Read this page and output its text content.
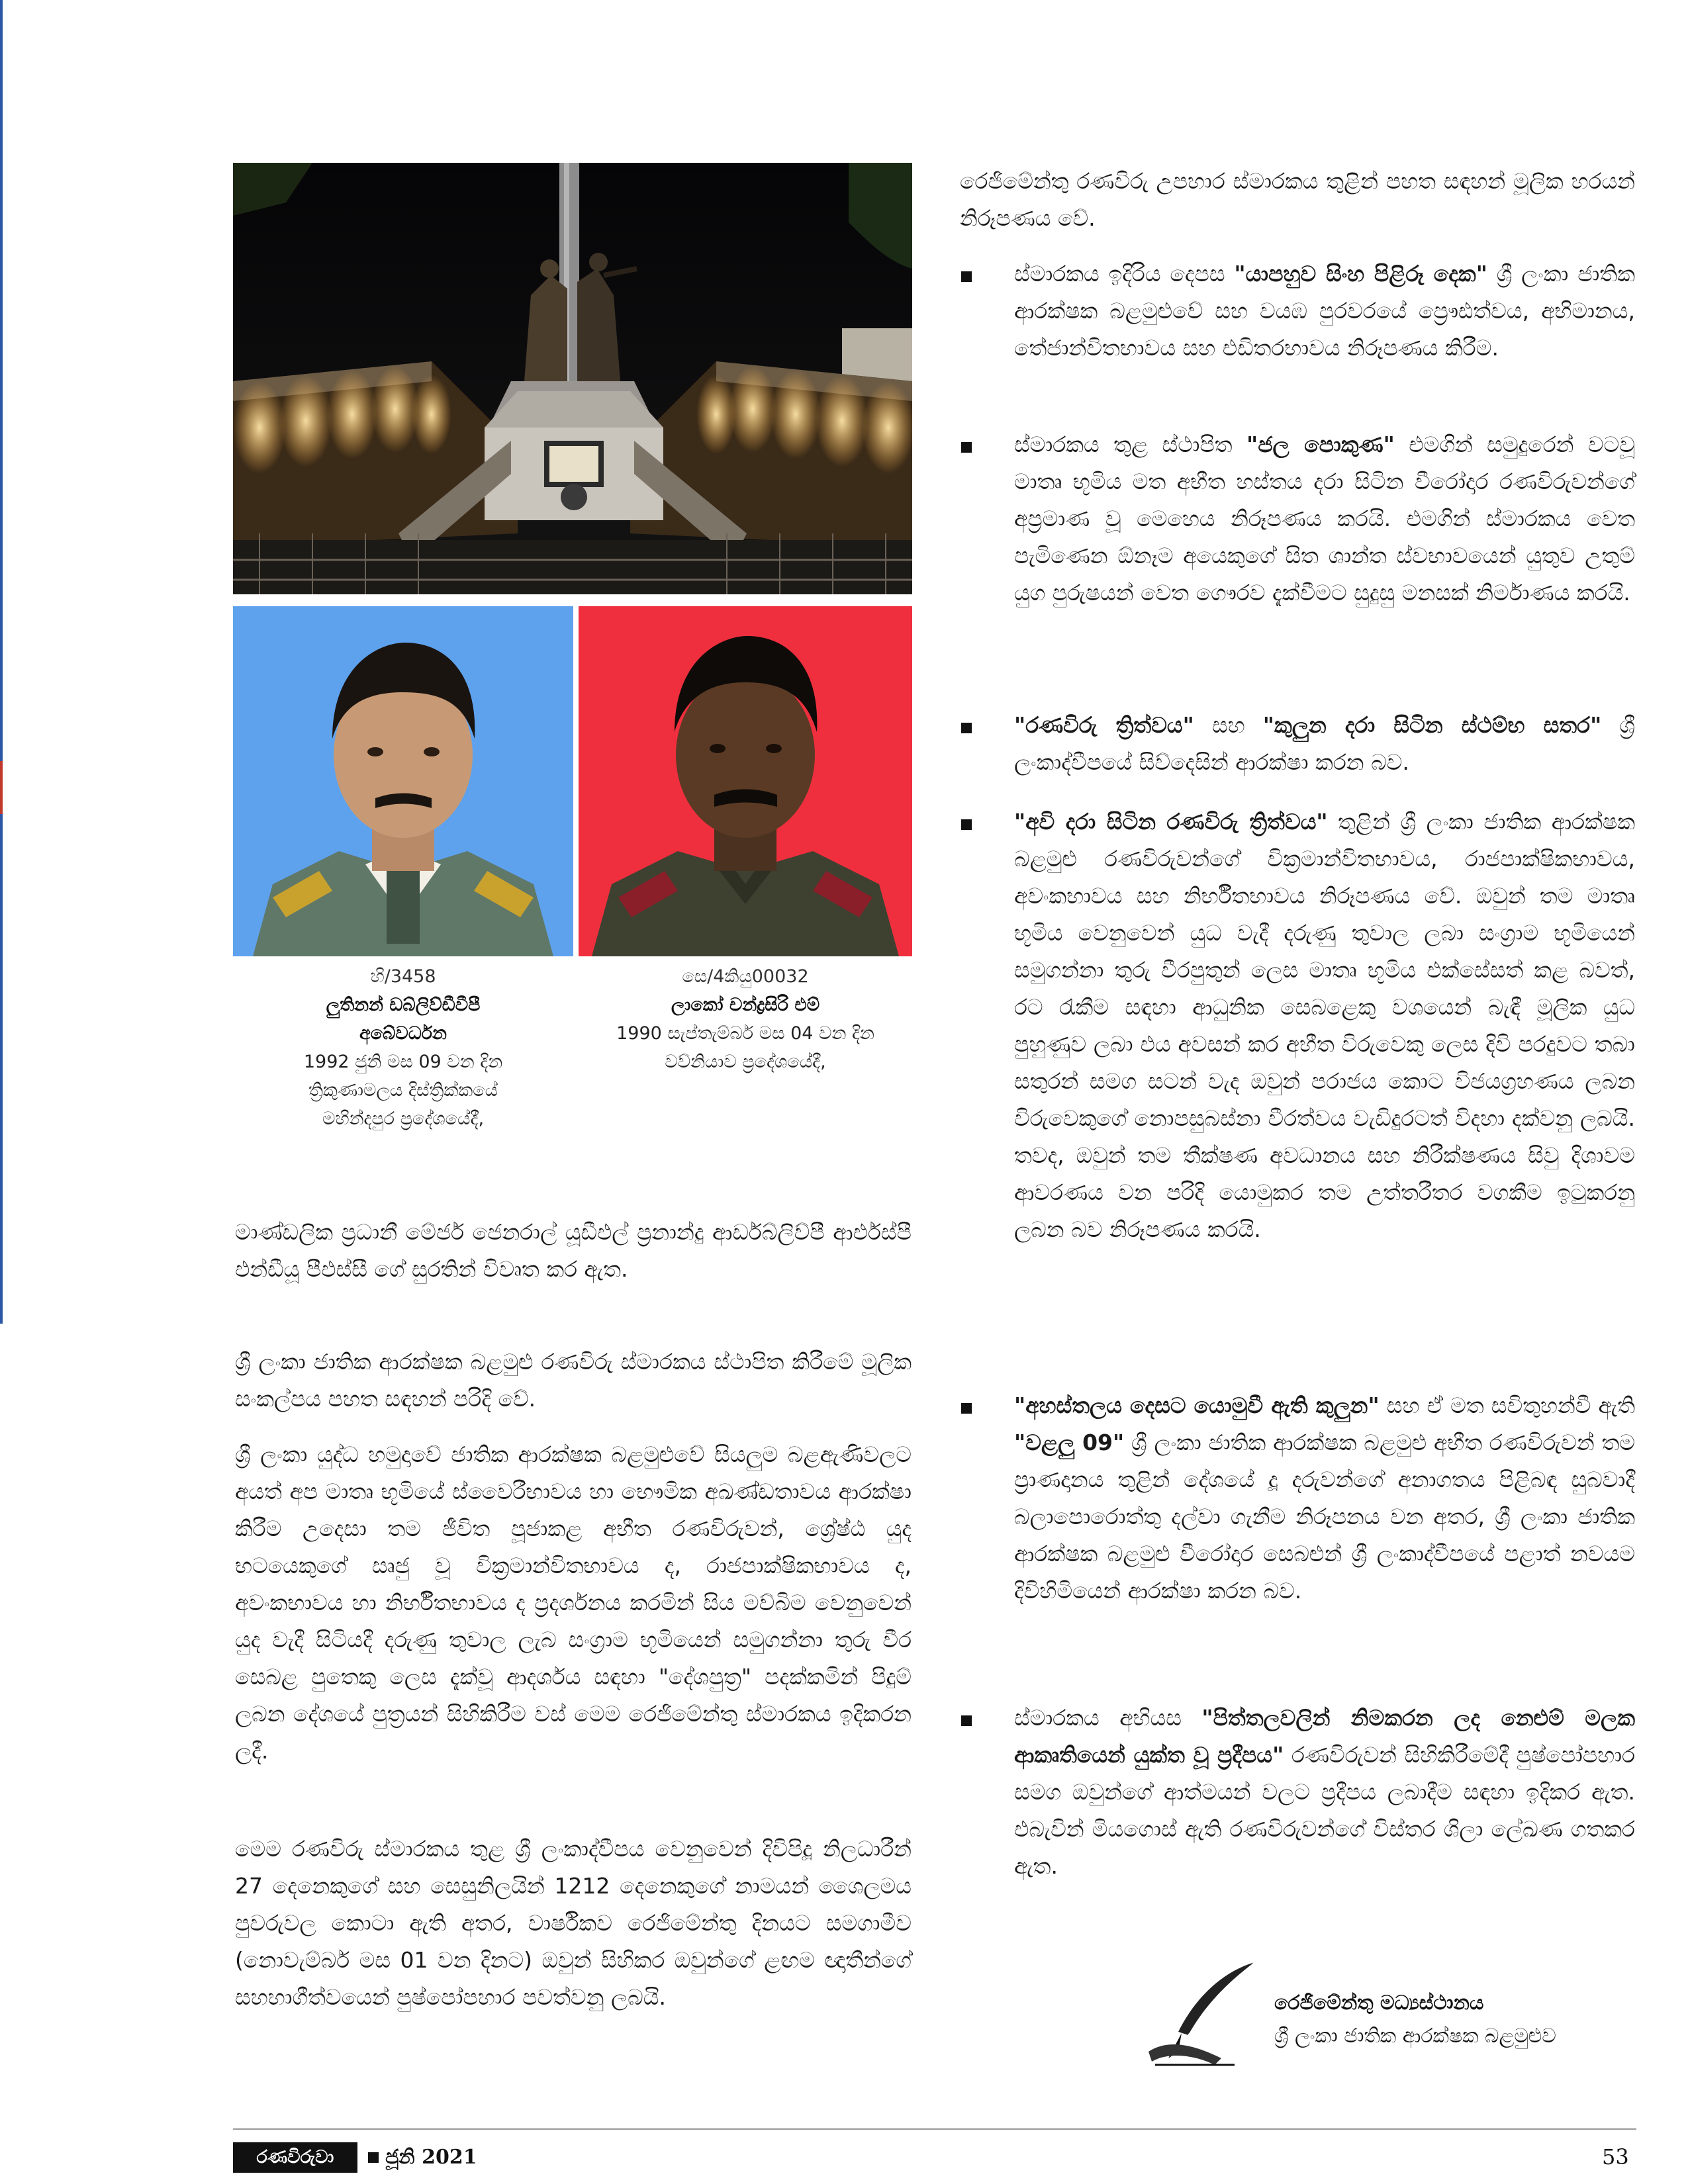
හි/3458
ලුතිනන් ඩබ්ලිව්ඩීවීපී
අබේවර්ධන
1992 ජුනි මස 09 වන දින
ත්‍රිකුණාමලය දිස්ත්‍රික්කයේ
මහින්දපුර ප්‍රදේශයේදී,
සෙ/4කියු00032
ලාකෝ චන්ද්‍රසිරි එම්
1990 සැප්තැම්බර් මස 04 වන දින
වව්නියාව ප්‍රදේශයේදී,

මාණ්ඩලික ප්‍රධානී මේජර් ජෙනරාල් යූඩීඑල් ප්‍රනාන්දු ආර්ඩබ්ලිව්පී ආර්එස්පී එන්ඩීයූ පීඑස්සී ගේ සුරතින් විවෘත කර ඇත.

ශ්‍රී ලංකා ජාතික ආරක්ෂක බළමුළු රණවිරු ස්මාරකය ස්ථාපිත කිරීමේ මූලික සංකල්පය පහත සඳහන් පරිදි වේ.

ශ්‍රී ලංකා යුද්ධ හමුදාවේ ජාතික ආරක්ෂක බළමුළුවේ සියලුම බළඇණිවලට අයත් අප මාතෘ භූමියේ ස්වෛරීභාවය හා භෞමික අඛණ්ඩතාවය ආරක්ෂා කිරීම උදෙසා තම ජීවිත පූජාකළ අභීත රණවිරුවන්, ශ්‍රේෂ්ඨ යුද භටයෙකුගේ සෘජු වූ වික්‍රමාන්විතභාවය ද, රාජපාක්ෂිකභාවය ද, අවංකභාවය හා නිර්භීතභාවය ද ප්‍රදර්ශනය කරමින් සිය මව්බිම වෙනුවෙන් යුද වැදී සිටියදී දරුණු තුවාල ලැබ සංග්‍රාම භූමියෙන් සමුගන්නා තුරු වීර සෙබළ පුතෙකු ලෙස දැක්වූ ආදර්ශය සඳහා "දේශපුත්‍ර" පදක්කමින් පිදුම් ලබන දේශයේ පුත්‍රයන් සිහිකිරීම වස් මෙම රෙජිමේන්තු ස්මාරකය ඉදිකරන ලදී.

මෙම රණවිරු ස්මාරකය තුළ ශ්‍රී ලංකාද්වීපය වෙනුවෙන් දිවිපිදූ නිලධාරීන් 27 දෙනෙකුගේ සහ සෙසුනිලයින් 1212 දෙනෙකුගේ නාමයන් ශෛලමය පුවරුවල කොටා ඇති අතර, වාර්ෂිකව රෙජිමේන්තු දිනයට සමගාමීව (නොවැම්බර් මස 01 වන දිනට) ඔවුන් සිහිකර ඔවුන්ගේ ළඟම ඥාතීන්ගේ සහභාගීත්වයෙන් පුෂ්පෝපහාර පවත්වනු ලබයි.

රෙජිමේන්තු රණවිරු උපහාර ස්මාරකය තුළින් පහත සඳහන් මූලික හරයන් නිරූපණය වේ.

ස්මාරකය ඉදිරිය දෙපස "යාපහුව සිංහ පිළිරූ දෙක" ශ්‍රී ලංකා ජාතික ආරක්ෂක බළමුළුවේ සහ වයඹ පුරවරයේ ප්‍රෞඪත්වය, අභිමානය, තේජාන්විතභාවය සහ එඩිතරභාවය නිරූපණය කිරීම.

ස්මාරකය තුළ ස්ථාපිත "ජල පොකුණ" එමගින් සමුදුරෙන් වටවූ මාතෘ භූමිය මත අභීත හස්තය දරා සිටින වීරෝදාර රණවිරුවන්ගේ අප්‍රමාණ වූ මෙහෙය නිරූපණය කරයි. එමගින් ස්මාරකය වෙත පැමිණෙන ඕනෑම අයෙකුගේ සිත ශාන්ත ස්වභාවයෙන් යුතුව උතුම් යුග පුරුෂයන් වෙත ගෞරව දැක්වීමට සුදුසු මනසක් නිර්මාණය කරයි.

"රණවිරු ත්‍රිත්වය" සහ "කුලුන දරා සිටින ස්ථම්භ සතර" ශ්‍රී ලංකාද්වීපයේ සිව්දෙසින් ආරක්ෂා කරන බව.

"අවි දරා සිටින රණවිරු ත්‍රිත්වය" තුළින් ශ්‍රී ලංකා ජාතික ආරක්ෂක බළමුළු රණවිරුවන්ගේ වික්‍රමාන්විතභාවය, රාජපාක්ෂිකභාවය, අවංකභාවය සහ නිර්භීතභාවය නිරූපණය වේ. ඔවුන් තම මාතෘ භූමිය වෙනුවෙන් යුධ වැදී දරුණු තුවාල ලබා සංග්‍රාම භූමියෙන් සමුගන්නා තුරු වීරපුතුන් ලෙස මාතෘ භූමිය එක්සේසත් කළ බවත්, රට රැකීම සඳහා ආධුනික සෙබළෙකු වශයෙන් බැඳී මූලික යුධ පුහුණුව ලබා එය අවසන් කර අභීත විරුවෙකු ලෙස දිවි පරදුවට තබා සතුරන් සමග සටන් වැද ඔවුන් පරාජය කොට විජයග්‍රහණය ලබන විරුවෙකුගේ නොපසුබස්නා වීරත්වය වැඩිදුරටත් විදහා දක්වනු ලබයි. තවද, ඔවුන් තම තීක්ෂණ අවධානය සහ නිරීක්ෂණය සිවු දිශාවම ආවරණය වන පරිදි යොමුකර තම උත්තරීතර වගකීම ඉටුකරනු ලබන බව නිරූපණය කරයි.

"අහස්තලය දෙසට යොමුවී ඇති කුලුන" සහ ඒ මත සවිතුහන්වී ඇති "වළලු 09" ශ්‍රී ලංකා ජාතික ආරක්ෂක බළමුළු අභීත රණවිරුවන් තම ප්‍රාණදානය තුළින් දේශයේ දූ දරුවන්ගේ අනාගතය පිළිබඳ සුබවාදී බලාපොරොත්තු දල්වා ගැනීම නිරූපනය වන අතර, ශ්‍රී ලංකා ජාතික ආරක්ෂක බළමුළු වීරෝදාර සෙබළුන් ශ්‍රී ලංකාද්වීපයේ පළාත් නවයම දිවිහිමියෙන් ආරක්ෂා කරන බව.

ස්මාරකය අභියස "පිත්තලවලින් නිමකරන ලද නෙළුම් මලක ආකෘතියෙන් යුක්ත වූ ප්‍රදීපය" රණවිරුවන් සිහිකිරීමේදී පුෂ්පෝපහාර සමග ඔවුන්ගේ ආත්මයන් වලට ප්‍රදීපය ලබාදීම සඳහා ඉදිකර ඇත. එබැවින් මියගොස් ඇති රණවිරුවන්ගේ විස්තර ශිලා ලේඛණ ගතකර ඇත.

රෙජිමේන්තු මධ්‍යස්ථානය
ශ්‍රී ලංකා ජාතික ආරක්ෂක බළමුළුව
රණවිරුවා	ජූනි 2021	53
